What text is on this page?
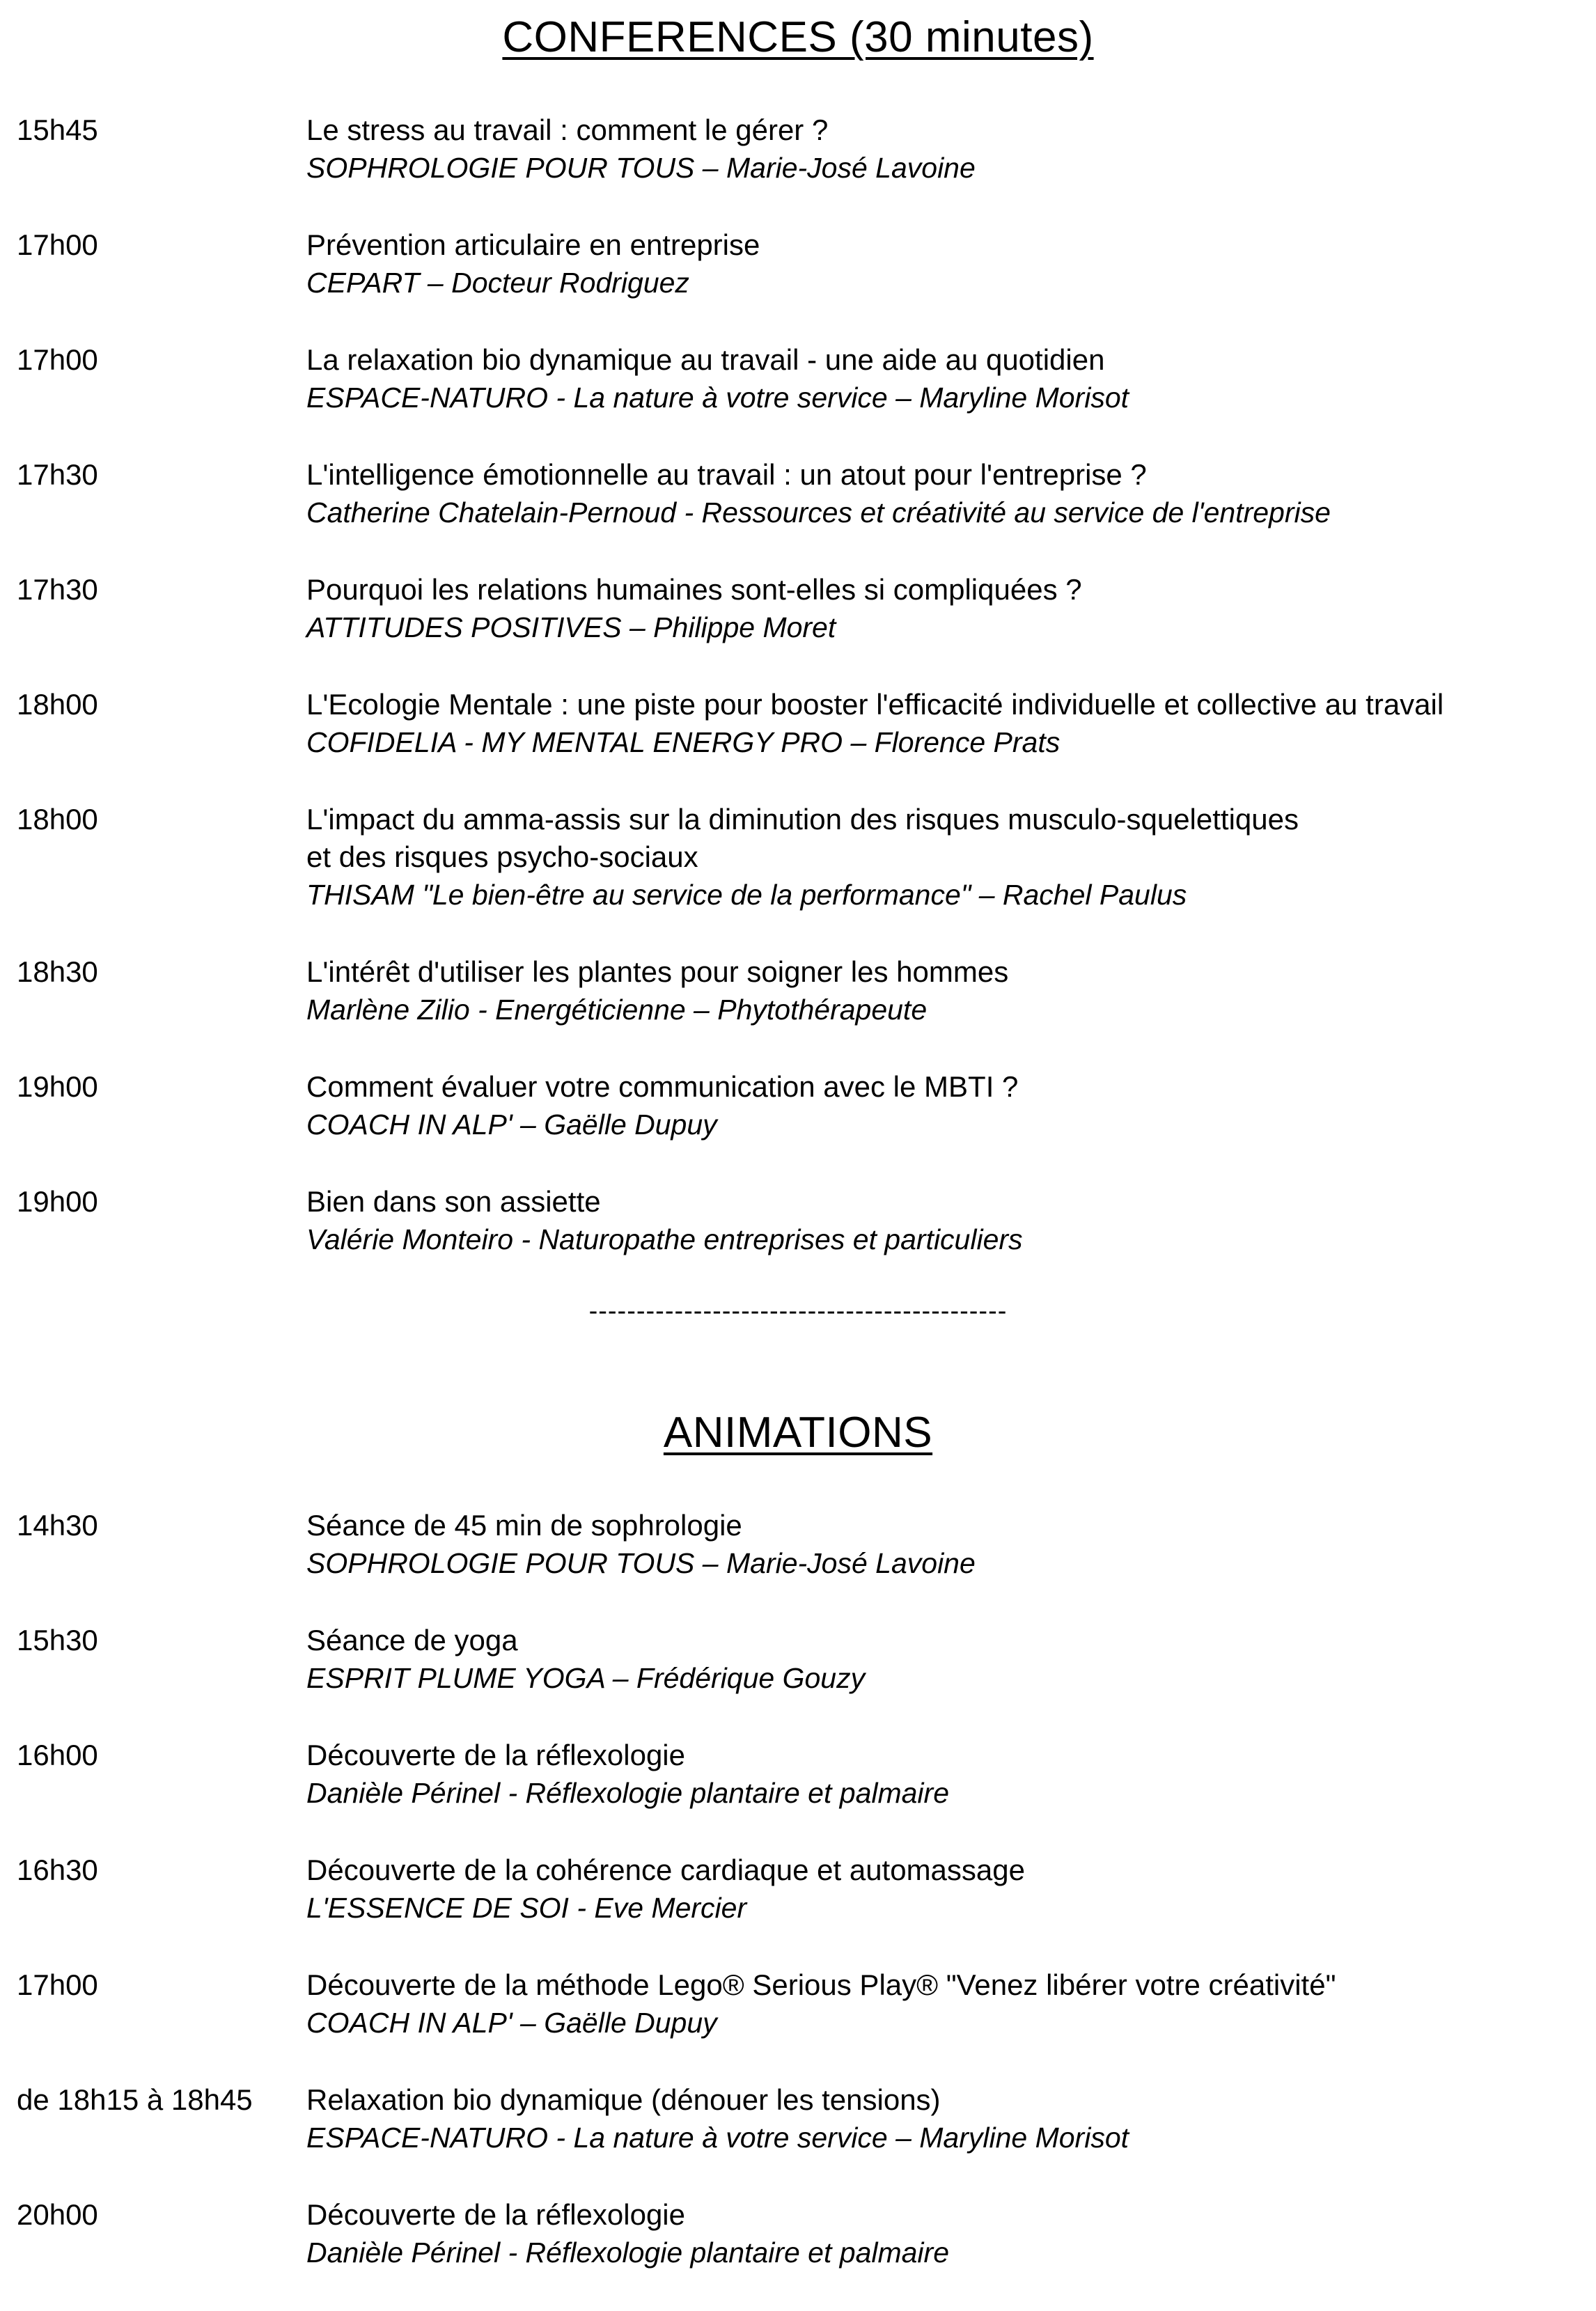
CONFERENCES (30 minutes)
15h45	Le stress au travail : comment le gérer ?
SOPHROLOGIE POUR TOUS – Marie-José Lavoine
17h00	Prévention articulaire en entreprise
CEPART – Docteur Rodriguez
17h00	La relaxation bio dynamique au travail - une aide au quotidien
ESPACE-NATURO - La nature à votre service – Maryline Morisot
17h30	L'intelligence émotionnelle au travail : un atout pour l'entreprise ?
Catherine Chatelain-Pernoud - Ressources et créativité au service de l'entreprise
17h30	Pourquoi les relations humaines sont-elles si compliquées ?
ATTITUDES POSITIVES – Philippe Moret
18h00	L'Ecologie Mentale : une piste pour booster l'efficacité individuelle et collective au travail
COFIDELIA - MY MENTAL ENERGY PRO – Florence Prats
18h00	L'impact du amma-assis sur la diminution des risques musculo-squelettiques
et des risques psycho-sociaux
THISAM "Le bien-être au service de la performance" – Rachel Paulus
18h30	L'intérêt d'utiliser les plantes pour soigner les hommes
Marlène Zilio - Energéticienne – Phytothérapeute
19h00	Comment évaluer votre communication avec le MBTI ?
COACH IN ALP' – Gaëlle Dupuy
19h00	Bien dans son assiette
Valérie Monteiro - Naturopathe entreprises et particuliers
--------------------------------------------
ANIMATIONS
14h30	Séance de 45 min de sophrologie
SOPHROLOGIE POUR TOUS – Marie-José Lavoine
15h30	Séance de yoga
ESPRIT PLUME YOGA – Frédérique Gouzy
16h00	Découverte de la réflexologie
Danièle Périnel - Réflexologie plantaire et palmaire
16h30	Découverte de la cohérence cardiaque et automassage
L'ESSENCE DE SOI - Eve Mercier
17h00	Découverte de la méthode Lego® Serious Play® "Venez libérer votre créativité"
COACH IN ALP' – Gaëlle Dupuy
de 18h15 à 18h45 Relaxation bio dynamique (dénouer les tensions)
ESPACE-NATURO - La nature à votre service – Maryline Morisot
20h00	Découverte de la réflexologie
Danièle Périnel - Réflexologie plantaire et palmaire
